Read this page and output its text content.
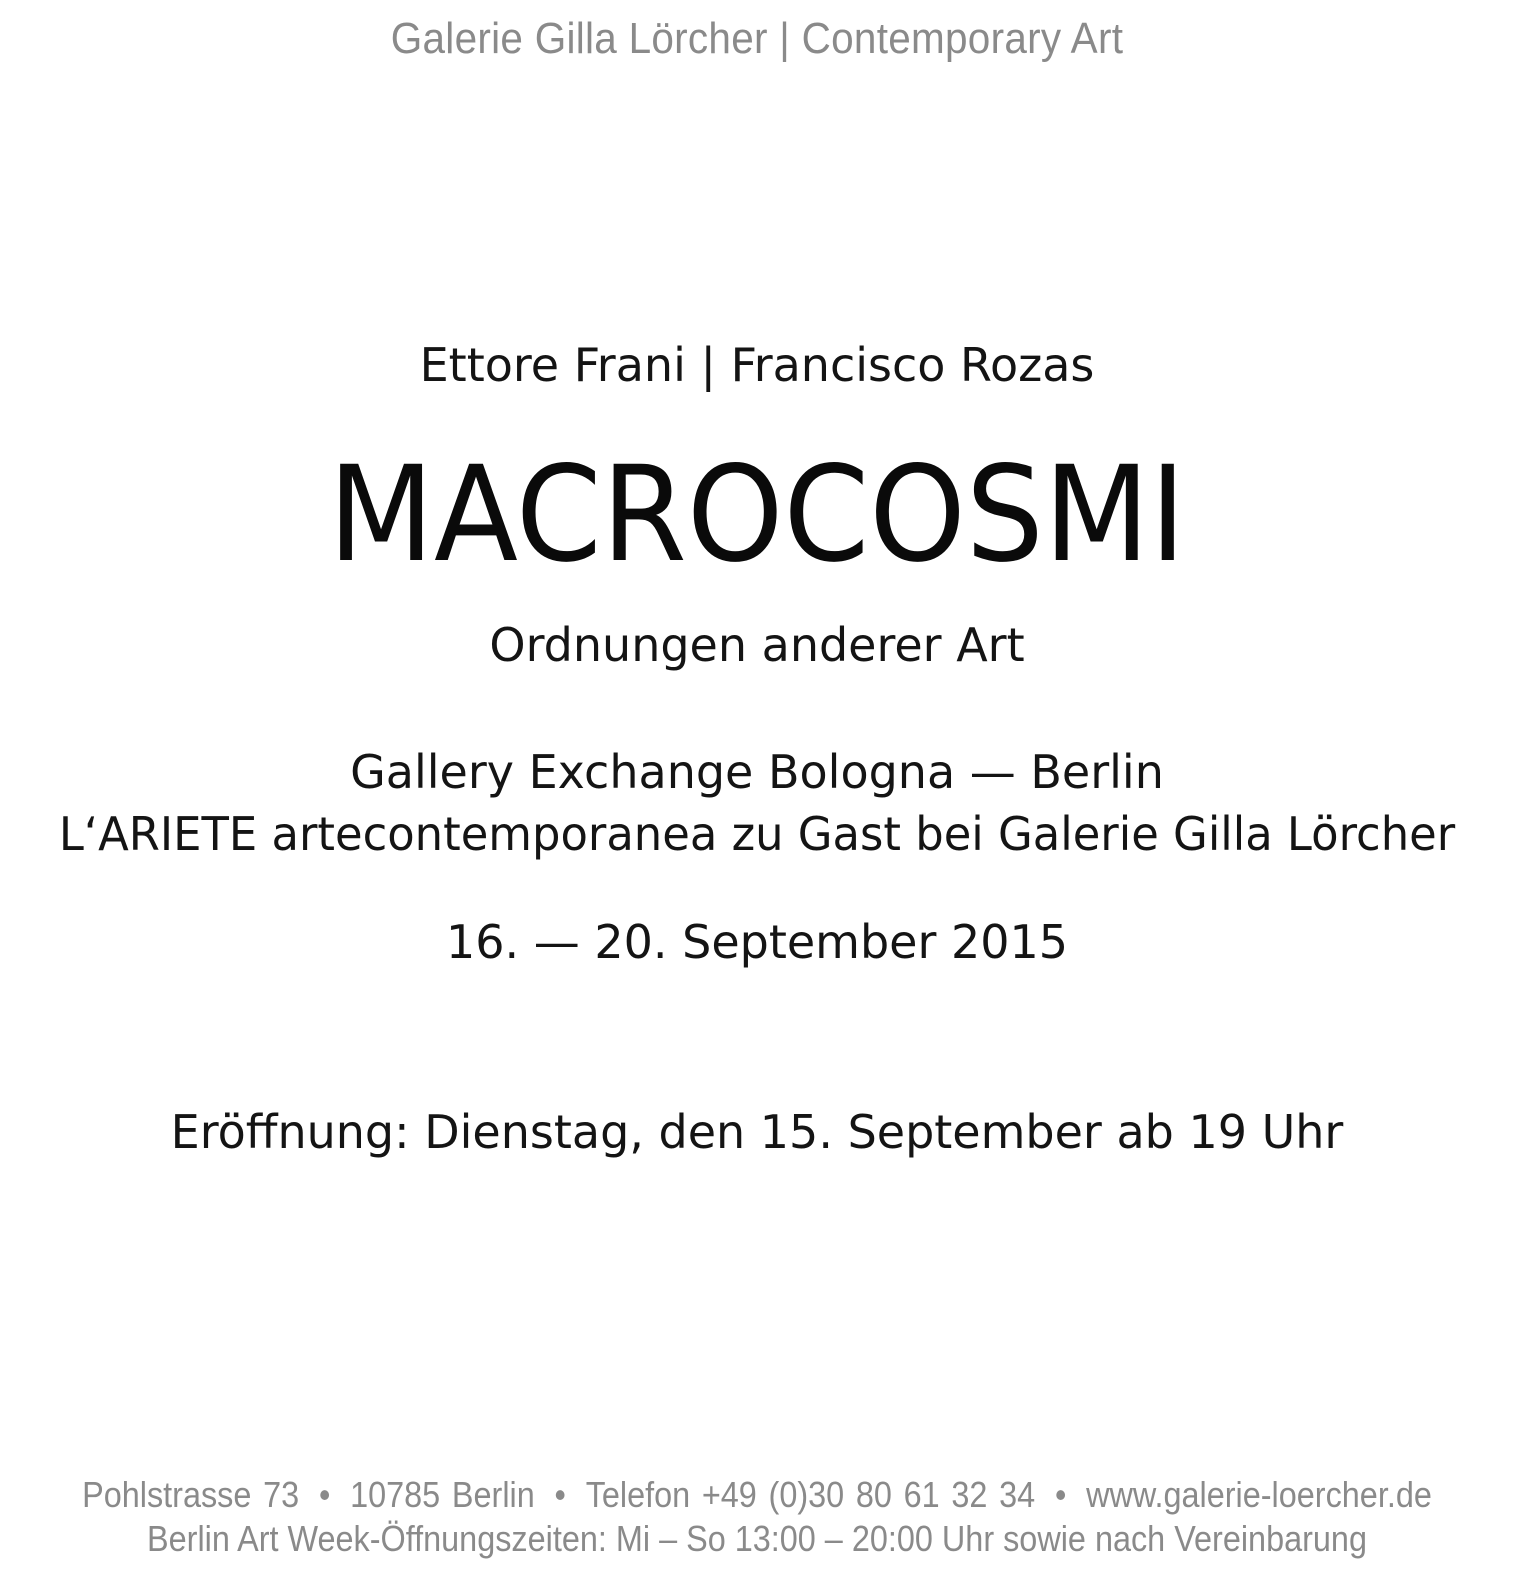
Galerie Gilla Lörcher | Contemporary Art
Ettore Frani | Francisco Rozas
MACROCOSMI
Ordnungen anderer Art
Gallery Exchange Bologna — Berlin
L‘ARIETE artecontemporanea zu Gast bei Galerie Gilla Lörcher
16. — 20. September 2015
Eröffnung: Dienstag, den 15. September ab 19 Uhr
Pohlstrasse 73 • 10785 Berlin • Telefon +49 (0)30 80 61 32 34 • www.galerie-loercher.de
Berlin Art Week-Öffnungszeiten: Mi – So 13:00 – 20:00 Uhr sowie nach Vereinbarung
